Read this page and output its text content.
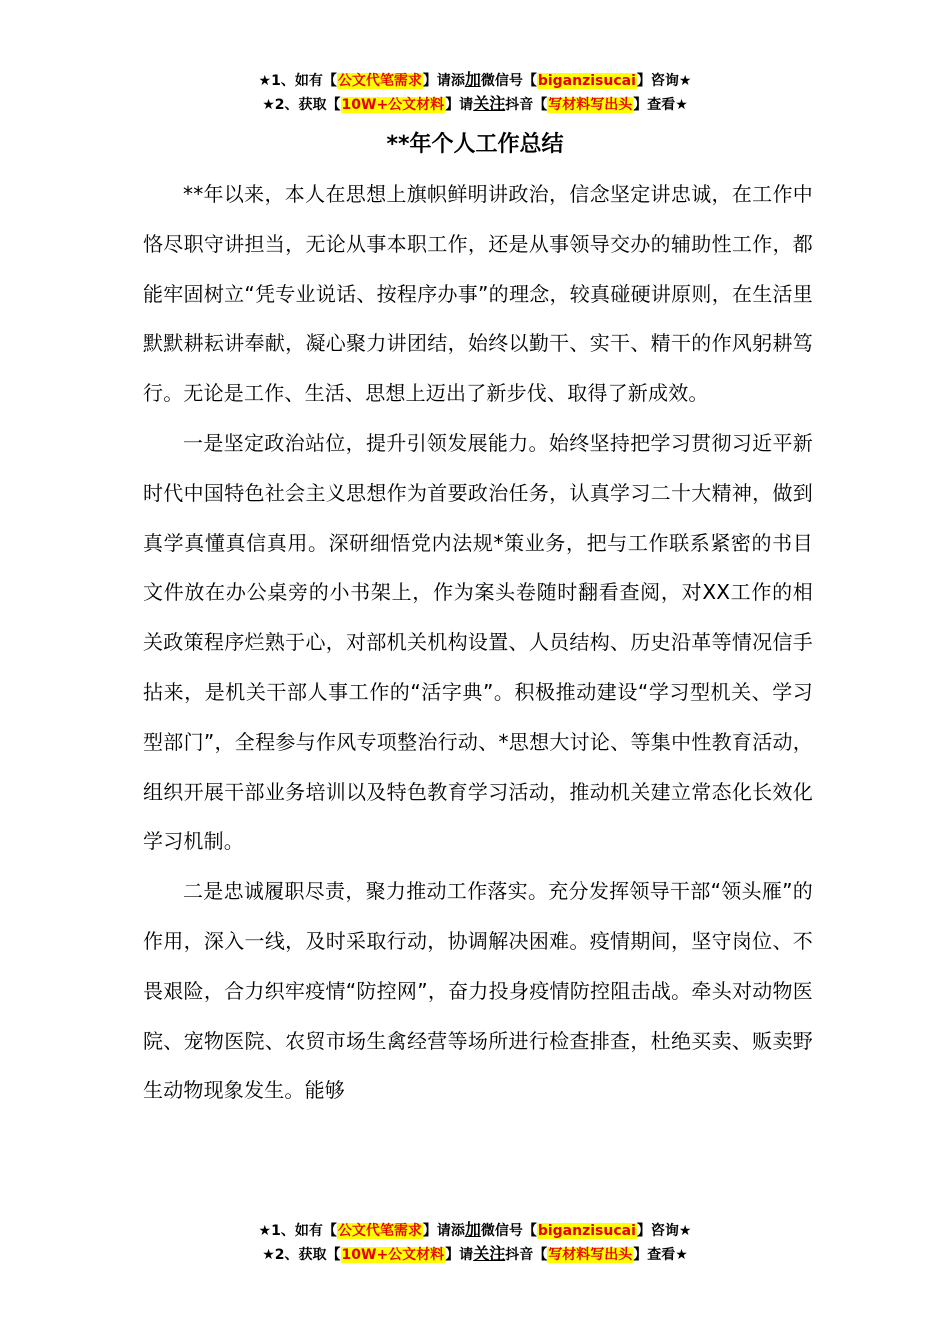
★1、如有【公文代笔需求】请添加微信号【biganzisucai】咨询★
★2、获取【10W+公文材料】请关注抖音【写材料写出头】查看★
**年个人工作总结

**年以来，本人在思想上旗帜鲜明讲政治，信念坚定讲忠诚，在工作中恪尽职守讲担当，无论从事本职工作，还是从事领导交办的辅助性工作，都能牢固树立“凭专业说话、按程序办事”的理念，较真碰硬讲原则，在生活里默默耕耘讲奉献，凝心聚力讲团结，始终以勤干、实干、精干的作风躬耕笃行。无论是工作、生活、思想上迈出了新步伐、取得了新成效。

一是坚定政治站位，提升引领发展能力。始终坚持把学习贯彻习近平新时代中国特色社会主义思想作为首要政治任务，认真学习二十大精神，做到真学真懂真信真用。深研细悟党内法规*策业务，把与工作联系紧密的书目文件放在办公桌旁的小书架上，作为案头卷随时翻看查阅，对XX工作的相关政策程序烂熟于心，对部机关机构设置、人员结构、历史沿革等情况信手拈来，是机关干部人事工作的“活字典”。积极推动建设“学习型机关、学习型部门”，全程参与作风专项整治行动、*思想大讨论、等集中性教育活动，组织开展干部业务培训以及特色教育学习活动，推动机关建立常态化长效化学习机制。

二是忠诚履职尽责，聚力推动工作落实。充分发挥领导干部“领头雁”的作用，深入一线，及时采取行动，协调解决困难。疫情期间，坚守岗位、不畏艰险，合力织牢疫情“防控网”，奋力投身疫情防控阻击战。牵头对动物医院、宠物医院、农贸市场生禽经营等场所进行检查排查，杜绝买卖、贩卖野生动物现象发生。能够

★1、如有【公文代笔需求】请添加微信号【biganzisucai】咨询★
★2、获取【10W+公文材料】请关注抖音【写材料写出头】查看★
